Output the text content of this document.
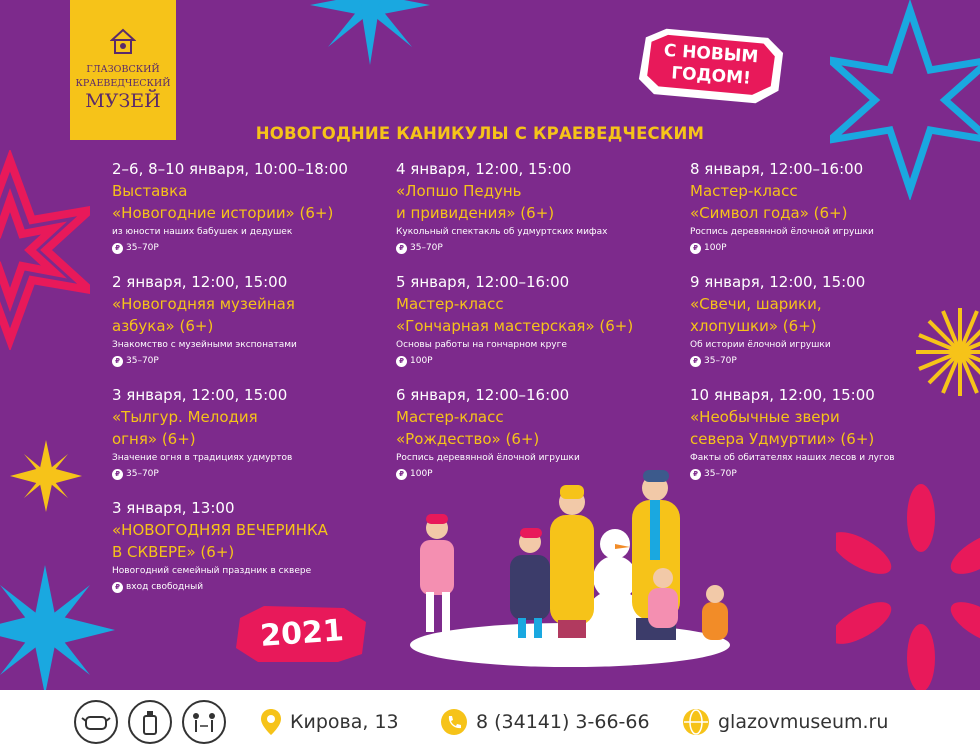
ГЛАЗОВСКИЙ
КРАЕВЕДЧЕСКИЙ
МУЗЕЙ
С НОВЫМ
ГОДОМ!
НОВОГОДНИЕ КАНИКУЛЫ С КРАЕВЕДЧЕСКИМ
2–6, 8–10 января, 10:00–18:00
Выставка
«Новогодние истории» (6+)
из юности наших бабушек и дедушек
₽ 35–70Р
4 января, 12:00, 15:00
«Лопшо Педунь
и привидения» (6+)
Кукольный спектакль об удмуртских мифах
₽ 35–70Р
8 января, 12:00–16:00
Мастер-класс
«Символ года» (6+)
Роспись деревянной ёлочной игрушки
₽ 100Р
2 января, 12:00, 15:00
«Новогодняя музейная
азбука» (6+)
Знакомство с музейными экспонатами
₽ 35–70Р
5 января, 12:00–16:00
Мастер-класс
«Гончарная мастерская» (6+)
Основы работы на гончарном круге
₽ 100Р
9 января, 12:00, 15:00
«Свечи, шарики,
хлопушки» (6+)
Об истории ёлочной игрушки
₽ 35–70Р
3 января, 12:00, 15:00
«Тылгур. Мелодия
огня» (6+)
Значение огня в традициях удмуртов
₽ 35–70Р
6 января, 12:00–16:00
Мастер-класс
«Рождество» (6+)
Роспись деревянной ёлочной игрушки
₽ 100Р
10 января, 12:00, 15:00
«Необычные звери
севера Удмуртии» (6+)
Факты об обитателях наших лесов и лугов
₽ 35–70Р
3 января, 13:00
«НОВОГОДНЯЯ ВЕЧЕРИНКА
В СКВЕРЕ» (6+)
Новогодний семейный праздник в сквере
₽ вход свободный
2021
Кирова, 13	8 (34141) 3-66-66	glazovmuseum.ru
